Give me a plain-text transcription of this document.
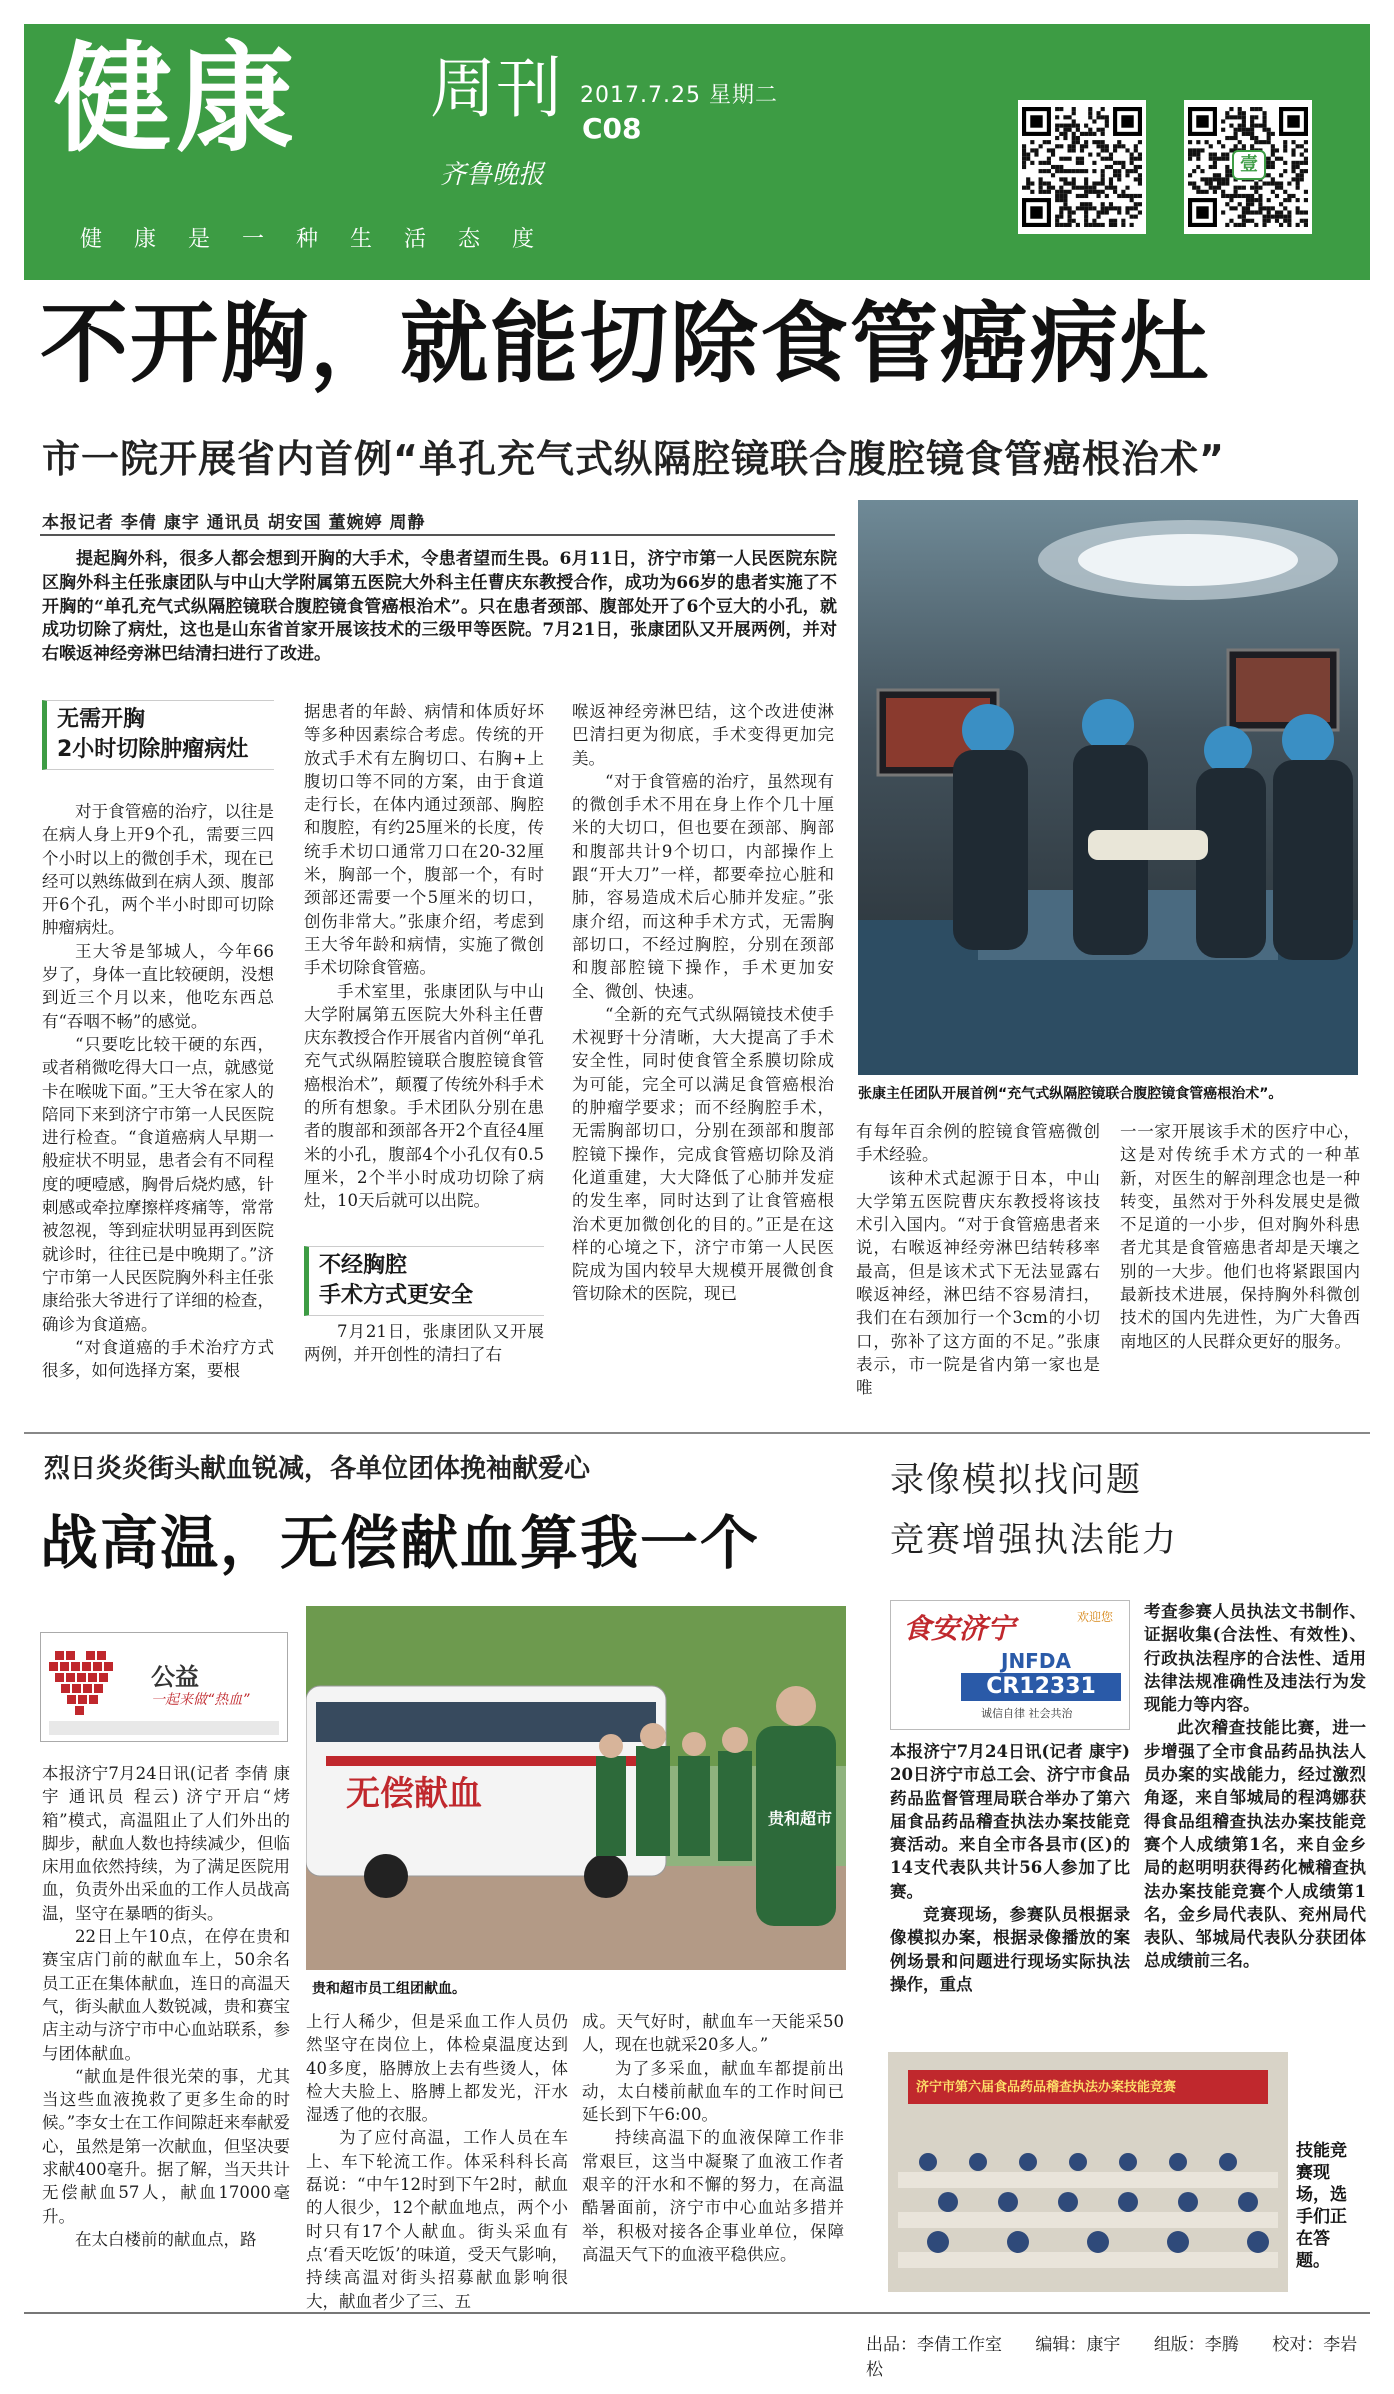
健康 周刊
齐鲁晚报
2017.7.25 星期二
C08
健康是一种生活态度
壹
不开胸，就能切除食管癌病灶
市一院开展省内首例“单孔充气式纵隔腔镜联合腹腔镜食管癌根治术”
本报记者 李倩 康宇 通讯员 胡安国 董婉婷 周静

提起胸外科，很多人都会想到开胸的大手术，令患者望而生畏。6月11日，济宁市第一人民医院东院区胸外科主任张康团队与中山大学附属第五医院大外科主任曹庆东教授合作，成功为66岁的患者实施了不开胸的“单孔充气式纵隔腔镜联合腹腔镜食管癌根治术”。只在患者颈部、腹部处开了6个豆大的小孔，就成功切除了病灶，这也是山东省首家开展该技术的三级甲等医院。7月21日，张康团队又开展两例，并对右喉返神经旁淋巴结清扫进行了改进。

无需开胸
2小时切除肿瘤病灶

对于食管癌的治疗，以往是在病人身上开9个孔，需要三四个小时以上的微创手术，现在已经可以熟练做到在病人颈、腹部开6个孔，两个半小时即可切除肿瘤病灶。

王大爷是邹城人，今年66岁了，身体一直比较硬朗，没想到近三个月以来，他吃东西总有“吞咽不畅”的感觉。

“只要吃比较干硬的东西，或者稍微吃得大口一点，就感觉卡在喉咙下面。”王大爷在家人的陪同下来到济宁市第一人民医院进行检查。“食道癌病人早期一般症状不明显，患者会有不同程度的哽噎感，胸骨后烧灼感，针刺感或牵拉摩擦样疼痛等，常常被忽视，等到症状明显再到医院就诊时，往往已是中晚期了。”济宁市第一人民医院胸外科主任张康给张大爷进行了详细的检查，确诊为食道癌。

“对食道癌的手术治疗方式很多，如何选择方案，要根

据患者的年龄、病情和体质好坏等多种因素综合考虑。传统的开放式手术有左胸切口、右胸+上腹切口等不同的方案，由于食道走行长，在体内通过颈部、胸腔和腹腔，有约25厘米的长度，传统手术切口通常刀口在20-32厘米，胸部一个，腹部一个，有时颈部还需要一个5厘米的切口，创伤非常大。”张康介绍，考虑到王大爷年龄和病情，实施了微创手术切除食管癌。

手术室里，张康团队与中山大学附属第五医院大外科主任曹庆东教授合作开展省内首例“单孔充气式纵隔腔镜联合腹腔镜食管癌根治术”，颠覆了传统外科手术的所有想象。手术团队分别在患者的腹部和颈部各开2个直径4厘米的小孔，腹部4个小孔仅有0.5厘米，2个半小时成功切除了病灶，10天后就可以出院。

不经胸腔
手术方式更安全

7月21日，张康团队又开展两例，并开创性的清扫了右

喉返神经旁淋巴结，这个改进使淋巴清扫更为彻底，手术变得更加完美。

“对于食管癌的治疗，虽然现有的微创手术不用在身上作个几十厘米的大切口，但也要在颈部、胸部和腹部共计9个切口，内部操作上跟“开大刀”一样，都要牵拉心脏和肺，容易造成术后心肺并发症。”张康介绍，而这种手术方式，无需胸部切口，不经过胸腔，分别在颈部和腹部腔镜下操作，手术更加安全、微创、快速。

“全新的充气式纵隔镜技术使手术视野十分清晰，大大提高了手术安全性，同时使食管全系膜切除成为可能，完全可以满足食管癌根治的肿瘤学要求；而不经胸腔手术，无需胸部切口，分别在颈部和腹部腔镜下操作，完成食管癌切除及消化道重建，大大降低了心肺并发症的发生率，同时达到了让食管癌根治术更加微创化的目的。”正是在这样的心境之下，济宁市第一人民医院成为国内较早大规模开展微创食管切除术的医院，现已

张康主任团队开展首例“充气式纵隔腔镜联合腹腔镜食管癌根治术”。

有每年百余例的腔镜食管癌微创手术经验。

该种术式起源于日本，中山大学第五医院曹庆东教授将该技术引入国内。“对于食管癌患者来说，右喉返神经旁淋巴结转移率最高，但是该术式下无法显露右喉返神经，淋巴结不容易清扫，我们在右颈加行一个3cm的小切口，弥补了这方面的不足。”张康表示，市一院是省内第一家也是唯

一一家开展该手术的医疗中心，这是对传统手术方式的一种革新，对医生的解剖理念也是一种转变，虽然对于外科发展史是微不足道的一小步，但对胸外科患者尤其是食管癌患者却是天壤之别的一大步。他们也将紧跟国内最新技术进展，保持胸外科微创技术的国内先进性，为广大鲁西南地区的人民群众更好的服务。

烈日炎炎街头献血锐减，各单位团体挽袖献爱心
战高温，无偿献血算我一个
公益
一起来做“热血”

本报济宁7月24日讯(记者 李倩 康宇 通讯员 程云) 济宁开启“烤箱”模式，高温阻止了人们外出的脚步，献血人数也持续减少，但临床用血依然持续，为了满足医院用血，负责外出采血的工作人员战高温，坚守在暴晒的街头。

22日上午10点，在停在贵和赛宝店门前的献血车上，50余名员工正在集体献血，连日的高温天气，街头献血人数锐减，贵和赛宝店主动与济宁市中心血站联系，参与团体献血。

“献血是件很光荣的事，尤其当这些血液挽救了更多生命的时候。”李女士在工作间隙赶来奉献爱心，虽然是第一次献血，但坚决要求献400毫升。据了解，当天共计无偿献血57人，献血17000毫升。

在太白楼前的献血点，路

无偿献血
贵和超市
贵和超市员工组团献血。

上行人稀少，但是采血工作人员仍然坚守在岗位上，体检桌温度达到40多度，胳膊放上去有些烫人，体检大夫脸上、胳膊上都发光，汗水湿透了他的衣服。

为了应付高温，工作人员在车上、车下轮流工作。体采科科长高磊说：“中午12时到下午2时，献血的人很少，12个献血地点，两个小时只有17个人献血。街头采血有点‘看天吃饭’的味道，受天气影响，持续高温对街头招募献血影响很大，献血者少了三、五

成。天气好时，献血车一天能采50人，现在也就采20多人。”

为了多采血，献血车都提前出动，太白楼前献血车的工作时间已延长到下午6:00。

持续高温下的血液保障工作非常艰巨，这当中凝聚了血液工作者艰辛的汗水和不懈的努力，在高温酷暑面前，济宁市中心血站多措并举，积极对接各企事业单位，保障高温天气下的血液平稳供应。

录像模拟找问题
竞赛增强执法能力
食安济宁	欢迎您
JNFDA
CR12331
诚信自律 社会共治

本报济宁7月24日讯(记者 康宇) 20日济宁市总工会、济宁市食品药品监督管理局联合举办了第六届食品药品稽查执法办案技能竞赛活动。来自全市各县市(区)的14支代表队共计56人参加了比赛。

竞赛现场，参赛队员根据录像模拟办案，根据录像播放的案例场景和问题进行现场实际执法操作，重点

考查参赛人员执法文书制作、证据收集(合法性、有效性)、行政执法程序的合法性、适用法律法规准确性及违法行为发现能力等内容。

此次稽查技能比赛，进一步增强了全市食品药品执法人员办案的实战能力，经过激烈角逐，来自邹城局的程鸿娜获得食品组稽查执法办案技能竞赛个人成绩第1名，来自金乡局的赵明明获得药化械稽查执法办案技能竞赛个人成绩第1名，金乡局代表队、兖州局代表队、邹城局代表队分获团体总成绩前三名。

济宁市第六届食品药品稽查执法办案技能竞赛
技能竞赛现场，选手们正在答题。
出品：李倩工作室 编辑：康宇 组版：李腾 校对：李岩松
